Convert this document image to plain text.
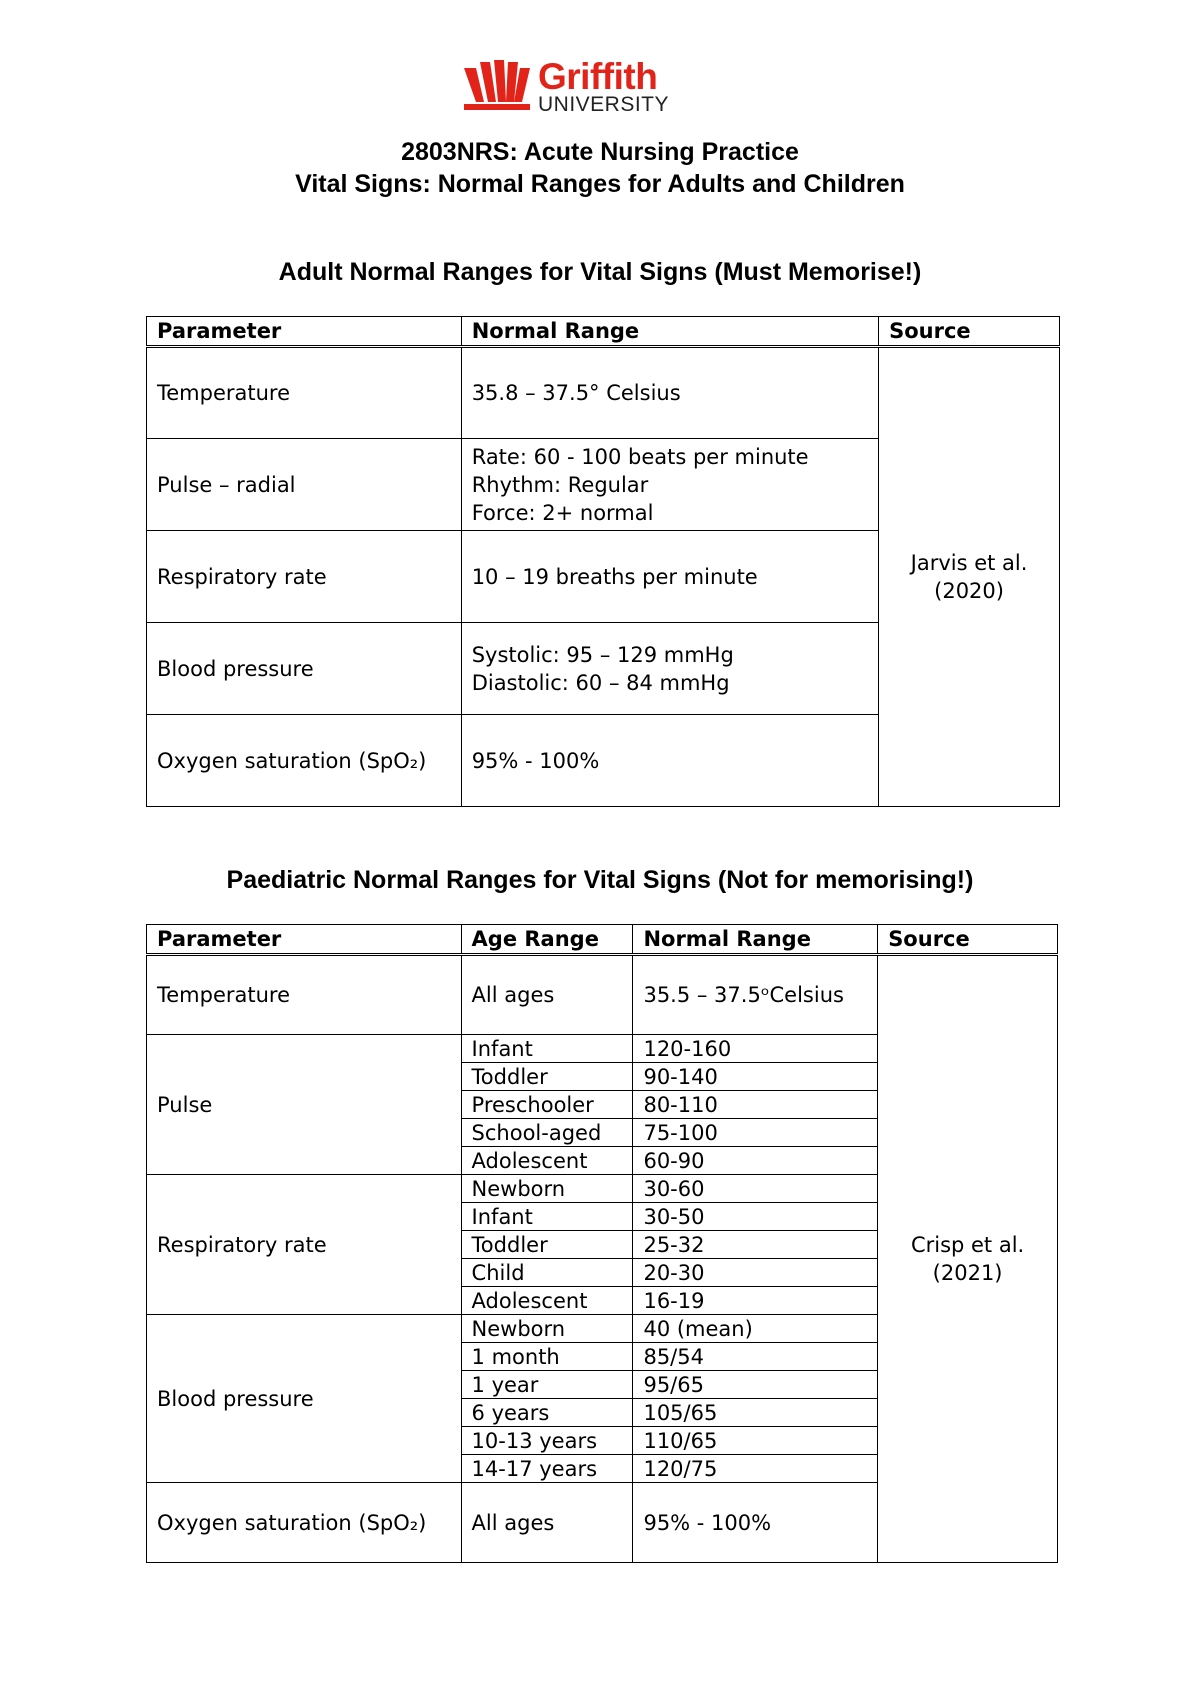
Griffith
UNIVERSITY
2803NRS: Acute Nursing Practice
Vital Signs: Normal Ranges for Adults and Children
Adult Normal Ranges for Vital Signs (Must Memorise!)
Parameter	Normal Range	Source
Temperature	35.8 – 37.5° Celsius	Jarvis et al.
(2020)

Pulse – radial	Rate: 60 - 100 beats per minute
Rhythm: Regular
Force: 2+ normal	

Respiratory rate	10 – 19 breaths per minute	

Blood pressure	Systolic: 95 – 129 mmHg
Diastolic: 60 – 84 mmHg	

Oxygen saturation (SpO₂)	95% - 100%	
Paediatric Normal Ranges for Vital Signs (Not for memorising!)
Parameter	Age Range	Normal Range	Source
Temperature	All ages	35.5 – 37.5ᵒCelsius	Crisp et al.
(2021)

Pulse	Infant	120-160	
	Toddler	90-140	
	Preschooler	80-110	
	School-aged	75-100	
	Adolescent	60-90	
Respiratory rate	Newborn	30-60	
	Infant	30-50	
	Toddler	25-32	
	Child	20-30	
	Adolescent	16-19	
Blood pressure	Newborn	40 (mean)	
	1 month	85/54	
	1 year	95/65	
	6 years	105/65	
	10-13 years	110/65	
	14-17 years	120/75	
Oxygen saturation (SpO₂)	All ages	95% - 100%	
